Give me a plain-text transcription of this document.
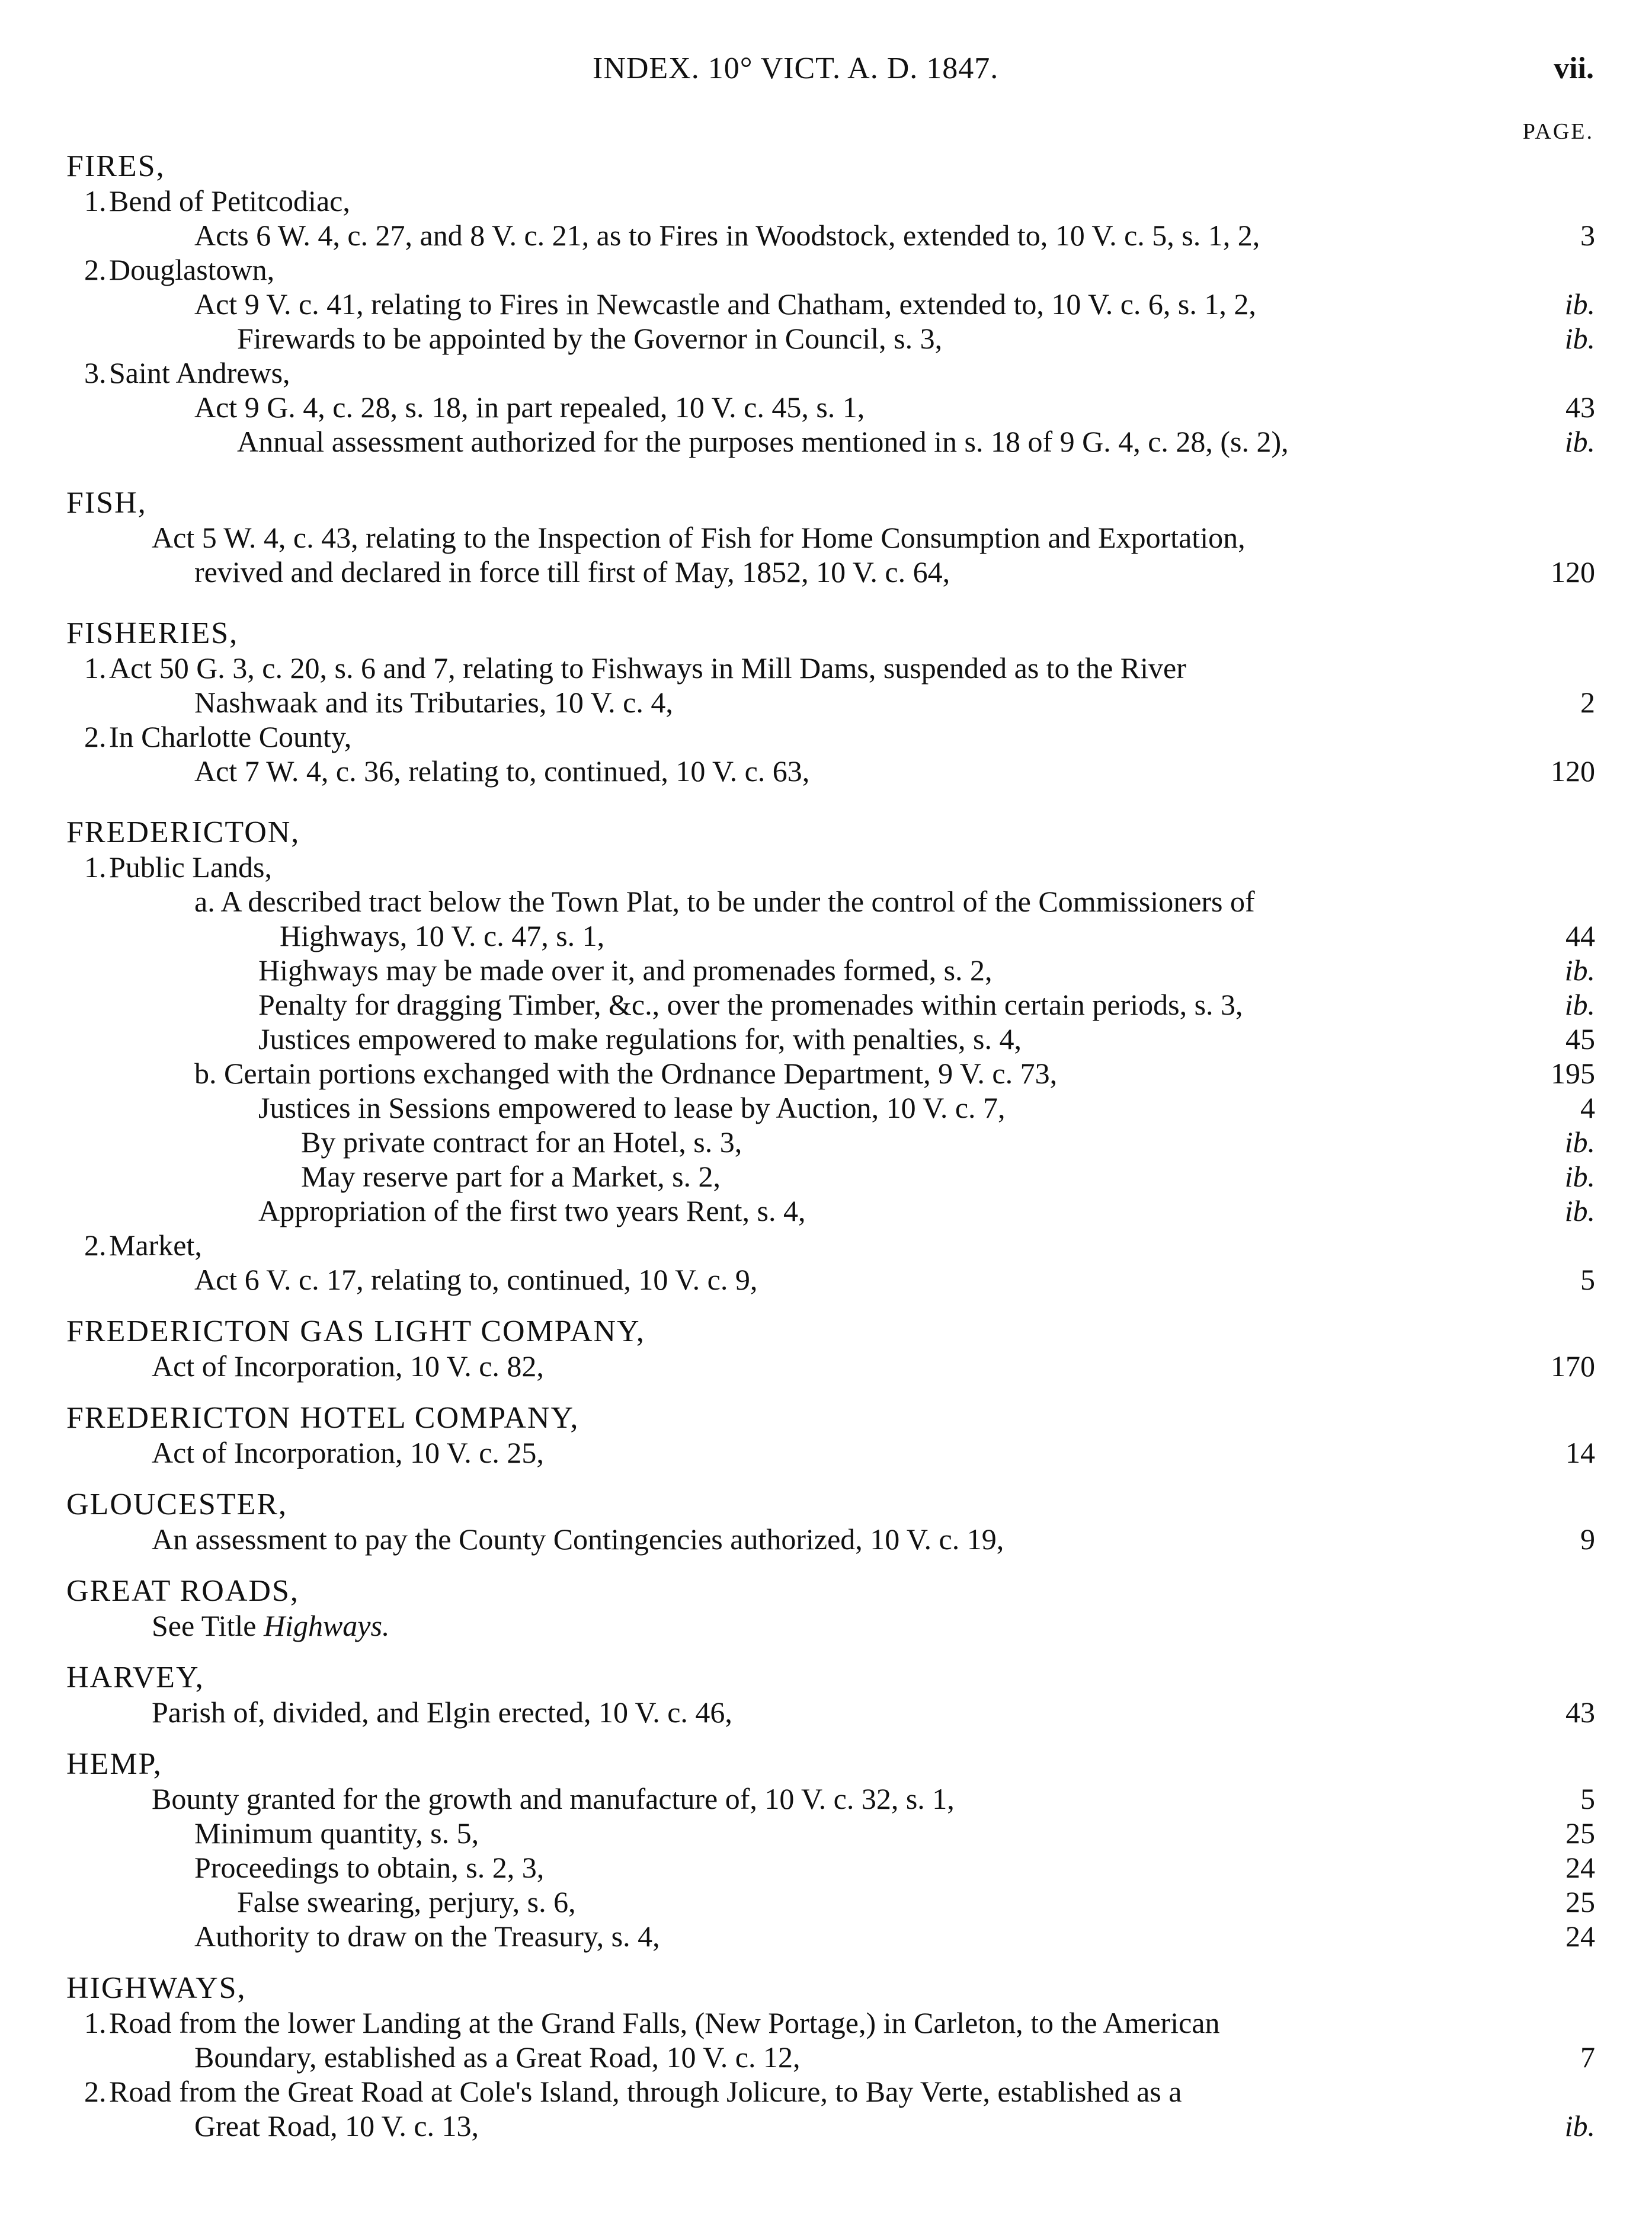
INDEX. 10° VICT. A. D. 1847.	vii.
PAGE.
FIRES,
1. Bend of Petitcodiac,
Acts 6 W. 4, c. 27, and 8 V. c. 21, as to Fires in Woodstock, extended to, 10 V. c. 5, s. 1, 2,	3
2. Douglastown,
Act 9 V. c. 41, relating to Fires in Newcastle and Chatham, extended to, 10 V. c. 6, s. 1, 2,	ib.
Firewards to be appointed by the Governor in Council, s. 3,	ib.
3. Saint Andrews,
Act 9 G. 4, c. 28, s. 18, in part repealed, 10 V. c. 45, s. 1,	43
Annual assessment authorized for the purposes mentioned in s. 18 of 9 G. 4, c. 28, (s. 2),	ib.
FISH,
Act 5 W. 4, c. 43, relating to the Inspection of Fish for Home Consumption and Exportation,
revived and declared in force till first of May, 1852, 10 V. c. 64,	120
FISHERIES,
1. Act 50 G. 3, c. 20, s. 6 and 7, relating to Fishways in Mill Dams, suspended as to the River
Nashwaak and its Tributaries, 10 V. c. 4,	2
2. In Charlotte County,
Act 7 W. 4, c. 36, relating to, continued, 10 V. c. 63,	120
FREDERICTON,
1. Public Lands,
a. A described tract below the Town Plat, to be under the control of the Commissioners of
Highways, 10 V. c. 47, s. 1,	44
Highways may be made over it, and promenades formed, s. 2,	ib.
Penalty for dragging Timber, &c., over the promenades within certain periods, s. 3,	ib.
Justices empowered to make regulations for, with penalties, s. 4,	45
b. Certain portions exchanged with the Ordnance Department, 9 V. c. 73,	195
Justices in Sessions empowered to lease by Auction, 10 V. c. 7,	4
By private contract for an Hotel, s. 3,	ib.
May reserve part for a Market, s. 2,	ib.
Appropriation of the first two years Rent, s. 4,	ib.
2. Market,
Act 6 V. c. 17, relating to, continued, 10 V. c. 9,	5
FREDERICTON GAS LIGHT COMPANY,
Act of Incorporation, 10 V. c. 82,	170
FREDERICTON HOTEL COMPANY,
Act of Incorporation, 10 V. c. 25,	14
GLOUCESTER,
An assessment to pay the County Contingencies authorized, 10 V. c. 19,	9
GREAT ROADS,
See Title Highways.
HARVEY,
Parish of, divided, and Elgin erected, 10 V. c. 46,	43
HEMP,
Bounty granted for the growth and manufacture of, 10 V. c. 32, s. 1,	5
Minimum quantity, s. 5,	25
Proceedings to obtain, s. 2, 3,	24
False swearing, perjury, s. 6,	25
Authority to draw on the Treasury, s. 4,	24
HIGHWAYS,
1. Road from the lower Landing at the Grand Falls, (New Portage,) in Carleton, to the American
Boundary, established as a Great Road, 10 V. c. 12,	7
2. Road from the Great Road at Cole's Island, through Jolicure, to Bay Verte, established as a
Great Road, 10 V. c. 13,	ib.
